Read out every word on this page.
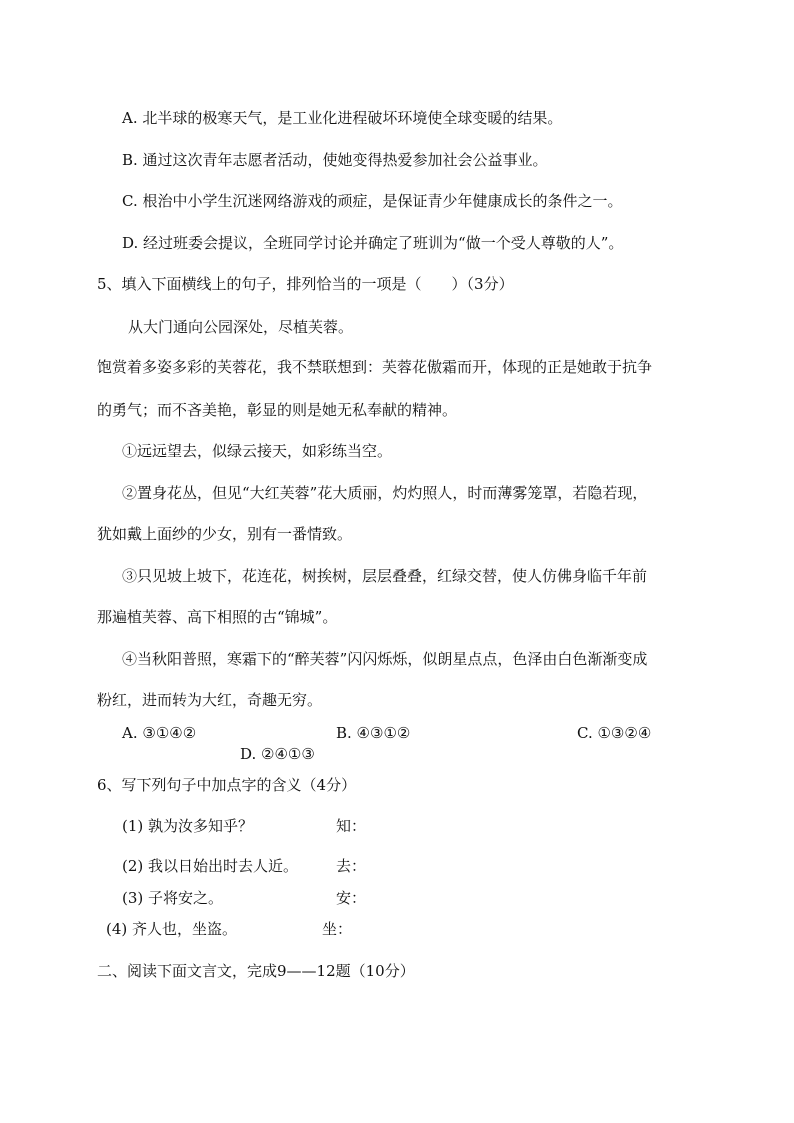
A. 北半球的极寒天气，是工业化进程破坏环境使全球变暖的结果。
B. 通过这次青年志愿者活动，使她变得热爱参加社会公益事业。
C. 根治中小学生沉迷网络游戏的顽症，是保证青少年健康成长的条件之一。
D. 经过班委会提议，全班同学讨论并确定了班训为“做一个受人尊敬的人”。
5、填入下面横线上的句子，排列恰当的一项是（　　）（3分）
从大门通向公园深处，尽植芙蓉。
饱赏着多姿多彩的芙蓉花，我不禁联想到：芙蓉花傲霜而开，体现的正是她敢于抗争
的勇气；而不吝美艳，彰显的则是她无私奉献的精神。
①远远望去，似绿云接天，如彩练当空。
②置身花丛，但见“大红芙蓉”花大质丽，灼灼照人，时而薄雾笼罩，若隐若现，
犹如戴上面纱的少女，别有一番情致。
③只见坡上坡下，花连花，树挨树，层层叠叠，红绿交替，使人仿佛身临千年前
那遍植芙蓉、高下相照的古“锦城”。
④当秋阳普照，寒霜下的“醉芙蓉”闪闪烁烁，似朗星点点，色泽由白色渐渐变成
粉红，进而转为大红，奇趣无穷。
A. ③①④②	B. ④③①②	C. ①③②④
D. ②④①③
6、写下列句子中加点字的含义（4分）
(1) 孰为汝多知乎？	知：
(2) 我以日始出时去人近。	去：
(3) 子将安之。	安：
(4) 齐人也，坐盗。	坐：
二、阅读下面文言文，完成9——12题（10分）
